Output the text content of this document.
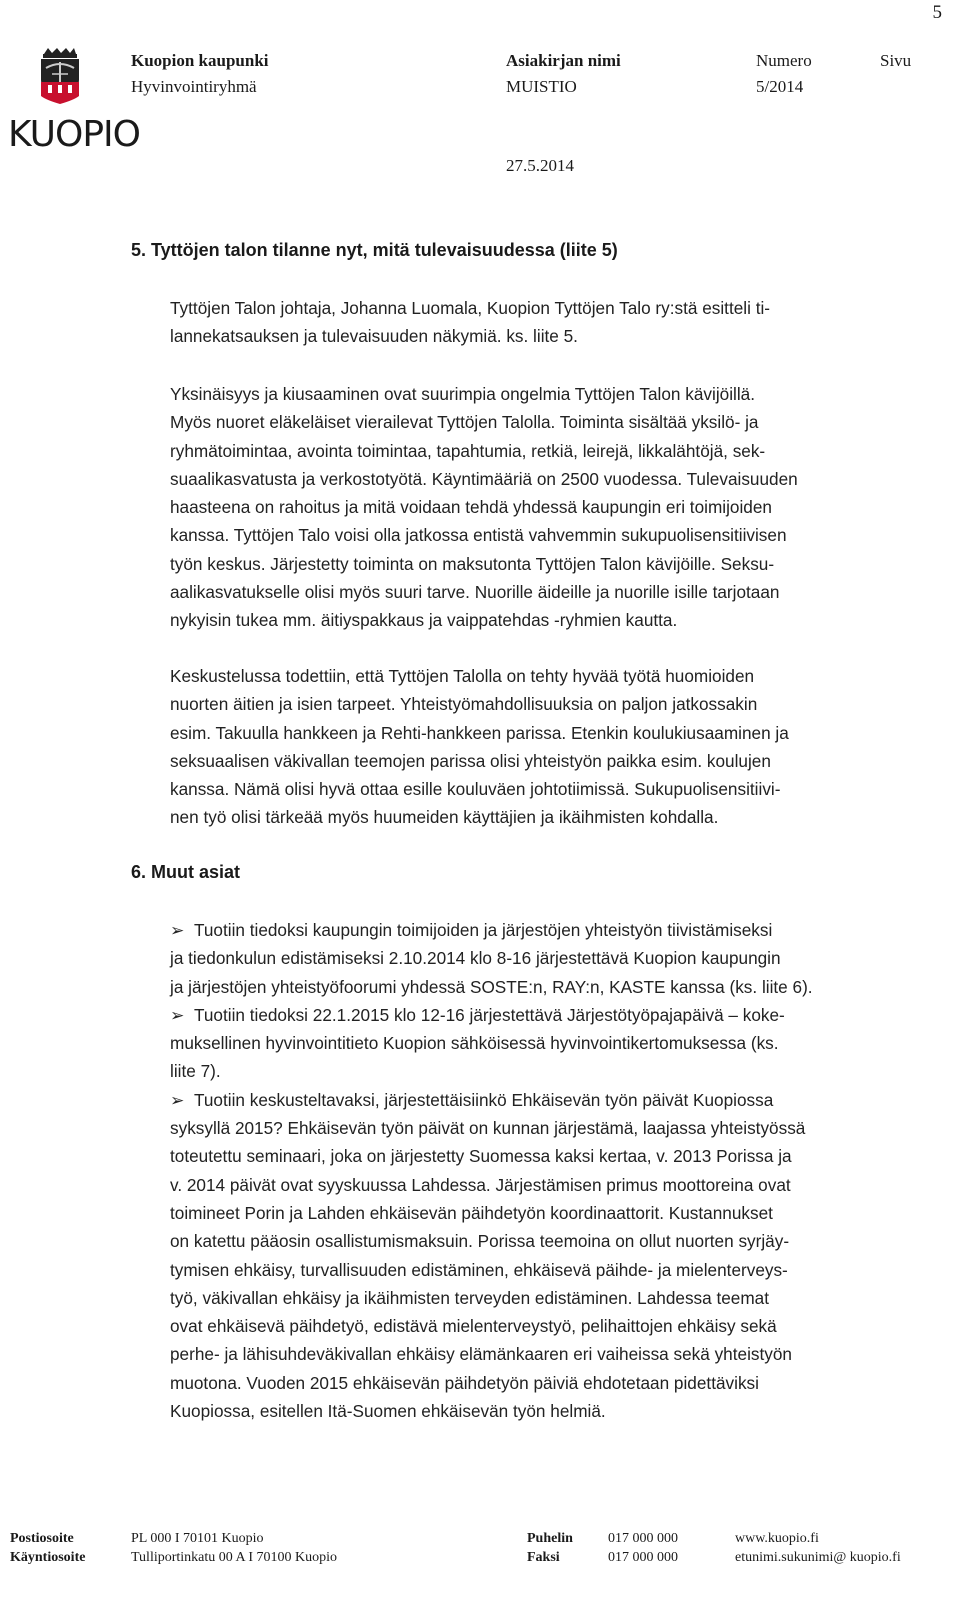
5
KUOPIO
Kuopion kaupunki
Hyvinvointiryhmä
Asiakirjan nimi
MUISTIO
Numero
5/2014
Sivu
27.5.2014
5. Tyttöjen talon tilanne nyt, mitä tulevaisuudessa (liite 5)

Tyttöjen Talon johtaja, Johanna Luomala, Kuopion Tyttöjen Talo ry:stä esitteli ti-

lannekatsauksen ja tulevaisuuden näkymiä. ks. liite 5.

Yksinäisyys ja kiusaaminen ovat suurimpia ongelmia Tyttöjen Talon kävijöillä.

Myös nuoret eläkeläiset vierailevat Tyttöjen Talolla. Toiminta sisältää yksilö- ja

ryhmätoimintaa, avointa toimintaa, tapahtumia, retkiä, leirejä, likkalähtöjä, sek-

suaalikasvatusta ja verkostotyötä. Käyntimääriä on 2500 vuodessa. Tulevaisuuden

haasteena on rahoitus ja mitä voidaan tehdä yhdessä kaupungin eri toimijoiden

kanssa. Tyttöjen Talo voisi olla jatkossa entistä vahvemmin sukupuolisensitiivisen

työn keskus. Järjestetty toiminta on maksutonta Tyttöjen Talon kävijöille. Seksu-

aalikasvatukselle olisi myös suuri tarve. Nuorille äideille ja nuorille isille tarjotaan

nykyisin tukea mm. äitiyspakkaus ja vaippatehdas -ryhmien kautta.

Keskustelussa todettiin, että Tyttöjen Talolla on tehty hyvää työtä huomioiden

nuorten äitien ja isien tarpeet. Yhteistyömahdollisuuksia on paljon jatkossakin

esim. Takuulla hankkeen ja Rehti-hankkeen parissa. Etenkin koulukiusaaminen ja

seksuaalisen väkivallan teemojen parissa olisi yhteistyön paikka esim. koulujen

kanssa. Nämä olisi hyvä ottaa esille kouluväen johtotiimissä. Sukupuolisensitiivi-

nen työ olisi tärkeää myös huumeiden käyttäjien ja ikäihmisten kohdalla.

6. Muut asiat

➢ Tuotiin tiedoksi kaupungin toimijoiden ja järjestöjen yhteistyön tiivistämiseksi

ja tiedonkulun edistämiseksi 2.10.2014 klo 8-16 järjestettävä Kuopion kaupungin

ja järjestöjen yhteistyöfoorumi yhdessä SOSTE:n, RAY:n, KASTE kanssa (ks. liite 6).

➢ Tuotiin tiedoksi 22.1.2015 klo 12-16 järjestettävä Järjestötyöpajapäivä – koke-

muksellinen hyvinvointitieto Kuopion sähköisessä hyvinvointikertomuksessa (ks.

liite 7).

➢ Tuotiin keskusteltavaksi, järjestettäisiinkö Ehkäisevän työn päivät Kuopiossa

syksyllä 2015? Ehkäisevän työn päivät on kunnan järjestämä, laajassa yhteistyössä

toteutettu seminaari, joka on järjestetty Suomessa kaksi kertaa, v. 2013 Porissa ja

v. 2014 päivät ovat syyskuussa Lahdessa. Järjestämisen primus moottoreina ovat

toimineet Porin ja Lahden ehkäisevän päihdetyön koordinaattorit. Kustannukset

on katettu pääosin osallistumismaksuin. Porissa teemoina on ollut nuorten syrjäy-

tymisen ehkäisy, turvallisuuden edistäminen, ehkäisevä päihde- ja mielenterveys-

työ, väkivallan ehkäisy ja ikäihmisten terveyden edistäminen. Lahdessa teemat

ovat ehkäisevä päihdetyö, edistävä mielenterveystyö, pelihaittojen ehkäisy sekä

perhe- ja lähisuhdeväkivallan ehkäisy elämänkaaren eri vaiheissa sekä yhteistyön

muotona. Vuoden 2015 ehkäisevän päihdetyön päiviä ehdotetaan pidettäviksi

Kuopiossa, esitellen Itä-Suomen ehkäisevän työn helmiä.

Postiosoite
Käyntiosoite
PL 000 I 70101 Kuopio
Tulliportinkatu 00 A I 70100 Kuopio
Puhelin
Faksi
017 000 000
017 000 000
www.kuopio.fi
etunimi.sukunimi@ kuopio.fi
